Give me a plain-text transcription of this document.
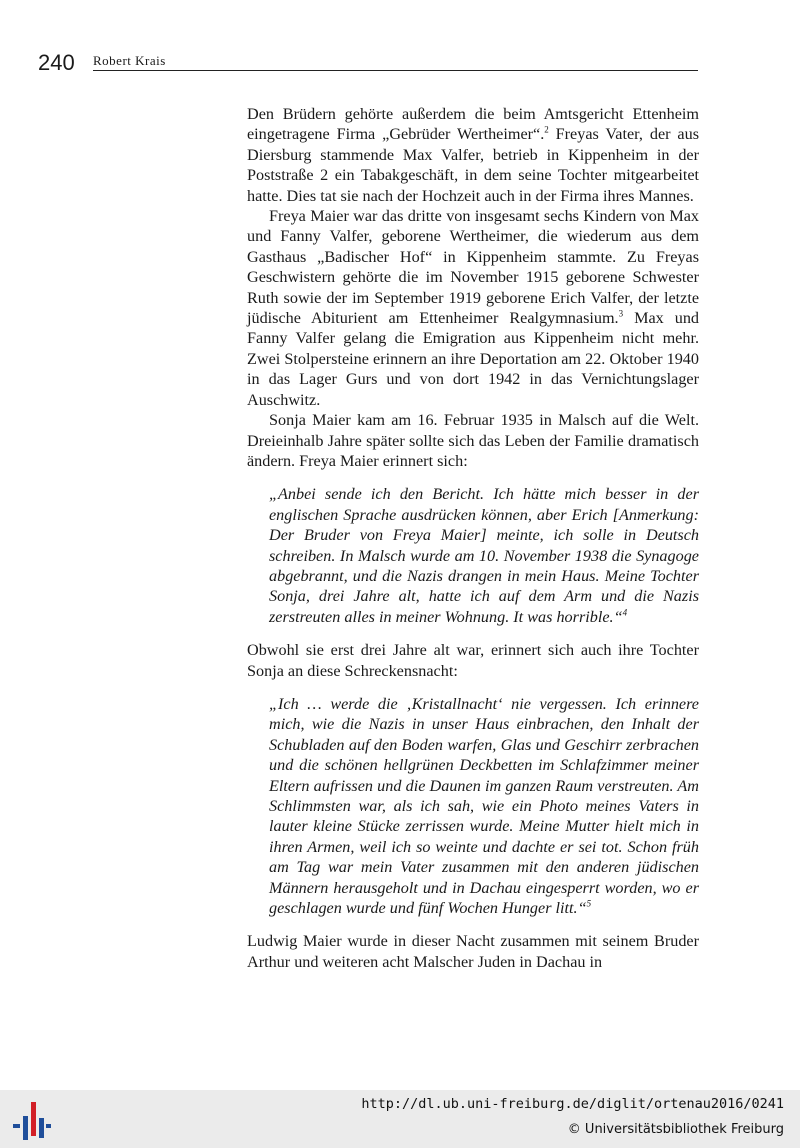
240 Robert Krais

Den Brüdern gehörte außerdem die beim Amtsgericht Ettenheim eingetragene Firma „Gebrüder Wertheimer“.$^2$ Freyas Vater, der aus Diersburg stammende Max Valfer, betrieb in Kippenheim in der Poststraße 2 ein Tabakgeschäft, in dem seine Tochter mitgearbeitet hatte. Dies tat sie nach der Hochzeit auch in der Firma ihres Mannes.

Freya Maier war das dritte von insgesamt sechs Kindern von Max und Fanny Valfer, geborene Wertheimer, die wiederum aus dem Gasthaus „Badischer Hof“ in Kippenheim stammte. Zu Freyas Geschwistern gehörte die im November 1915 geborene Schwester Ruth sowie der im September 1919 geborene Erich Valfer, der letzte jüdische Abiturient am Ettenheimer Realgymnasium.$^3$ Max und Fanny Valfer gelang die Emigration aus Kippenheim nicht mehr. Zwei Stolpersteine erinnern an ihre Deportation am 22. Oktober 1940 in das Lager Gurs und von dort 1942 in das Vernichtungslager Auschwitz.

Sonja Maier kam am 16. Februar 1935 in Malsch auf die Welt. Dreieinhalb Jahre später sollte sich das Leben der Familie dramatisch ändern. Freya Maier erinnert sich:

„Anbei sende ich den Bericht. Ich hätte mich besser in der englischen Sprache ausdrücken können, aber Erich [Anmerkung: Der Bruder von Freya Maier] meinte, ich solle in Deutsch schreiben. In Malsch wurde am 10. November 1938 die Synagoge abgebrannt, und die Nazis drangen in mein Haus. Meine Tochter Sonja, drei Jahre alt, hatte ich auf dem Arm und die Nazis zerstreuten alles in meiner Wohnung. It was horrible.“$^4$

Obwohl sie erst drei Jahre alt war, erinnert sich auch ihre Tochter Sonja an diese Schreckensnacht:

„Ich … werde die ‚Kristallnacht‘ nie vergessen. Ich erinnere mich, wie die Nazis in unser Haus einbrachen, den Inhalt der Schubladen auf den Boden warfen, Glas und Geschirr zerbrachen und die schönen hellgrünen Deckbetten im Schlafzimmer meiner Eltern aufrissen und die Daunen im ganzen Raum verstreuten. Am Schlimmsten war, als ich sah, wie ein Photo meines Vaters in lauter kleine Stücke zerrissen wurde. Meine Mutter hielt mich in ihren Armen, weil ich so weinte und dachte er sei tot. Schon früh am Tag war mein Vater zusammen mit den anderen jüdischen Männern herausgeholt und in Dachau eingesperrt worden, wo er geschlagen wurde und fünf Wochen Hunger litt.“$^5$

Ludwig Maier wurde in dieser Nacht zusammen mit seinem Bruder Arthur und weiteren acht Malscher Juden in Dachau in

http://dl.ub.uni-freiburg.de/diglit/ortenau2016/0241
© Universitätsbibliothek Freiburg
